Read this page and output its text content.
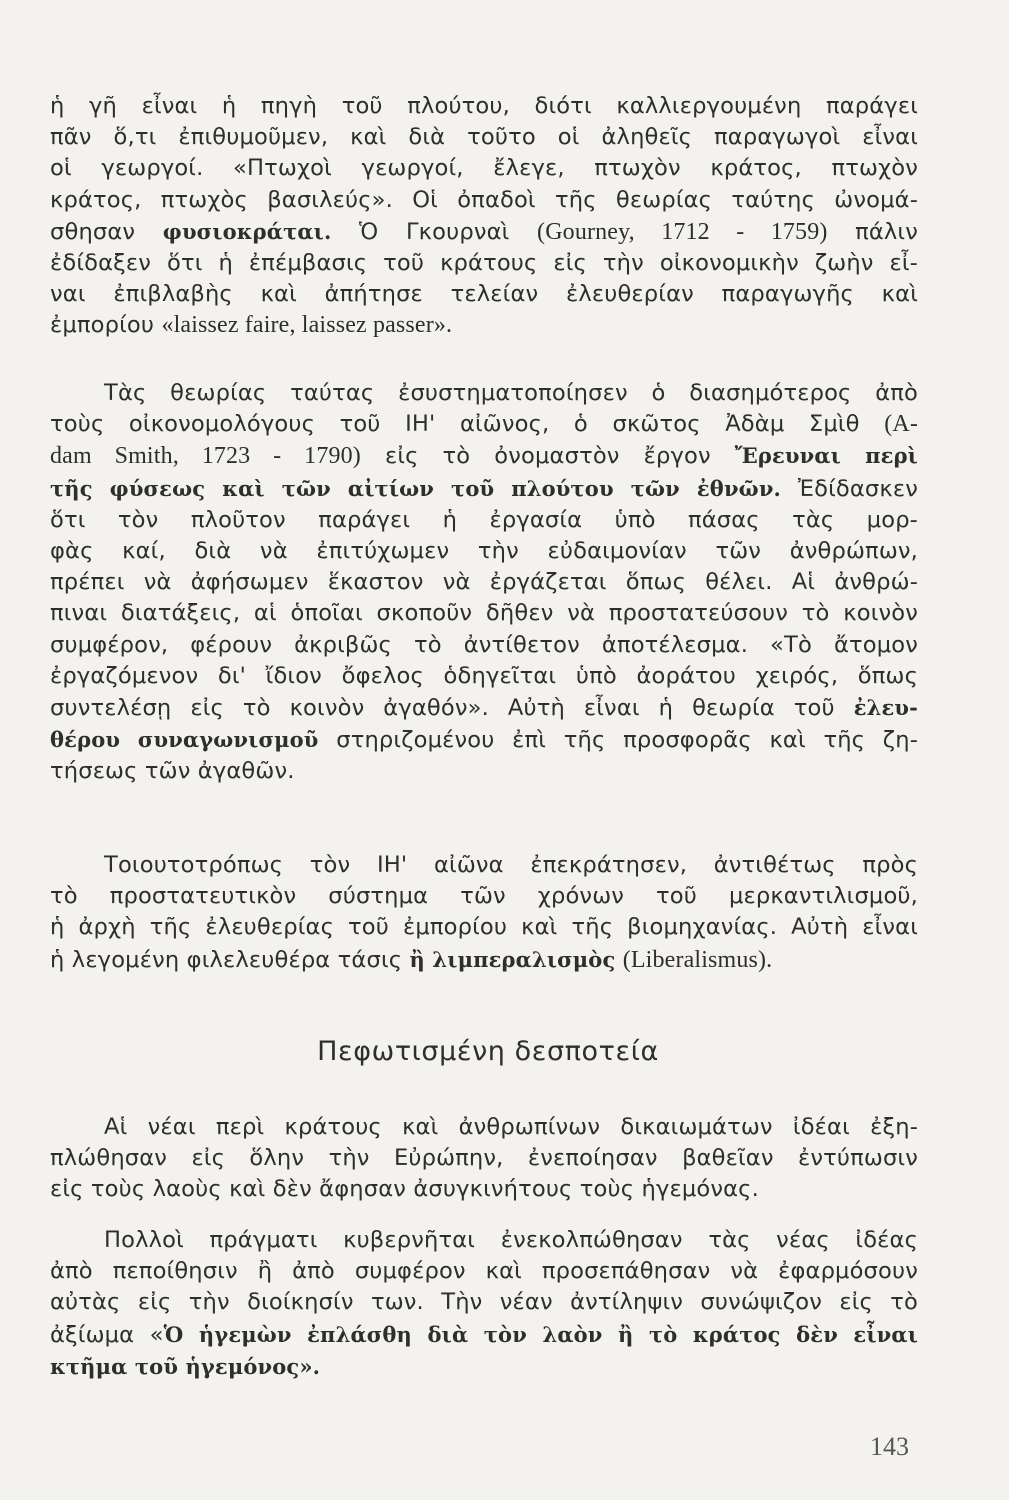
ἡ γῆ εἶναι ἡ πηγὴ τοῦ πλούτου, διότι καλλιεργουμένη παράγει
πᾶν ὅ,τι ἐπιθυμοῦμεν, καὶ διὰ τοῦτο οἱ ἀληθεῖς παραγωγοὶ εἶναι
οἱ γεωργοί. «Πτωχοὶ γεωργοί, ἔλεγε, πτωχὸν κράτος, πτωχὸν
κράτος, πτωχὸς βασιλεύς». Οἱ ὀπαδοὶ τῆς θεωρίας ταύτης ὠνομά-
σθησαν φυσιοκράται. Ὁ Γκουρναὶ (Gourney, 1712 - 1759) πάλιν
ἐδίδαξεν ὅτι ἡ ἐπέμβασις τοῦ κράτους εἰς τὴν οἰκονομικὴν ζωὴν εἶ-
ναι ἐπιβλαβὴς καὶ ἀπήτησε τελείαν ἐλευθερίαν παραγωγῆς καὶ
ἐμπορίου «laissez faire, laissez passer».
Τὰς θεωρίας ταύτας ἐσυστηματοποίησεν ὁ διασημότερος ἀπὸ
τοὺς οἰκονομολόγους τοῦ ΙΗ' αἰῶνος, ὁ σκῶτος Ἀδὰμ Σμὶθ (A-
dam Smith, 1723 - 1790) εἰς τὸ ὀνομαστὸν ἔργον Ἔρευναι περὶ
τῆς φύσεως καὶ τῶν αἰτίων τοῦ πλούτου τῶν ἐθνῶν. Ἐδίδασκεν
ὅτι τὸν πλοῦτον παράγει ἡ ἐργασία ὑπὸ πάσας τὰς μορ-
φὰς καί, διὰ νὰ ἐπιτύχωμεν τὴν εὐδαιμονίαν τῶν ἀνθρώπων,
πρέπει νὰ ἀφήσωμεν ἕκαστον νὰ ἐργάζεται ὅπως θέλει. Αἱ ἀνθρώ-
πιναι διατάξεις, αἱ ὁποῖαι σκοποῦν δῆθεν νὰ προστατεύσουν τὸ κοινὸν
συμφέρον, φέρουν ἀκριβῶς τὸ ἀντίθετον ἀποτέλεσμα. «Τὸ ἄτομον
ἐργαζόμενον δι' ἴδιον ὄφελος ὁδηγεῖται ὑπὸ ἀοράτου χειρός, ὅπως
συντελέσῃ εἰς τὸ κοινὸν ἀγαθόν». Αὐτὴ εἶναι ἡ θεωρία τοῦ ἐλευ-
θέρου συναγωνισμοῦ στηριζομένου ἐπὶ τῆς προσφορᾶς καὶ τῆς ζη-
τήσεως τῶν ἀγαθῶν.
Τοιουτοτρόπως τὸν ΙΗ' αἰῶνα ἐπεκράτησεν, ἀντιθέτως πρὸς
τὸ προστατευτικὸν σύστημα τῶν χρόνων τοῦ μερκαντιλισμοῦ,
ἡ ἀρχὴ τῆς ἐλευθερίας τοῦ ἐμπορίου καὶ τῆς βιομηχανίας. Αὐτὴ εἶναι
ἡ λεγομένη φιλελευθέρα τάσις ἢ λιμπεραλισμὸς (Liberalismus).
Πεφωτισμένη δεσποτεία
Αἱ νέαι περὶ κράτους καὶ ἀνθρωπίνων δικαιωμάτων ἰδέαι ἐξη-
πλώθησαν εἰς ὅλην τὴν Εὐρώπην, ἐνεποίησαν βαθεῖαν ἐντύπωσιν
εἰς τοὺς λαοὺς καὶ δὲν ἄφησαν ἀσυγκινήτους τοὺς ἡγεμόνας.
Πολλοὶ πράγματι κυβερνῆται ἐνεκολπώθησαν τὰς νέας ἰδέας
ἀπὸ πεποίθησιν ἢ ἀπὸ συμφέρον καὶ προσεπάθησαν νὰ ἐφαρμόσουν
αὐτὰς εἰς τὴν διοίκησίν των. Τὴν νέαν ἀντίληψιν συνώψιζον εἰς τὸ
ἀξίωμα «Ὁ ἡγεμὼν ἐπλάσθη διὰ τὸν λαὸν ἢ τὸ κράτος δὲν εἶναι
κτῆμα τοῦ ἡγεμόνος».
143
